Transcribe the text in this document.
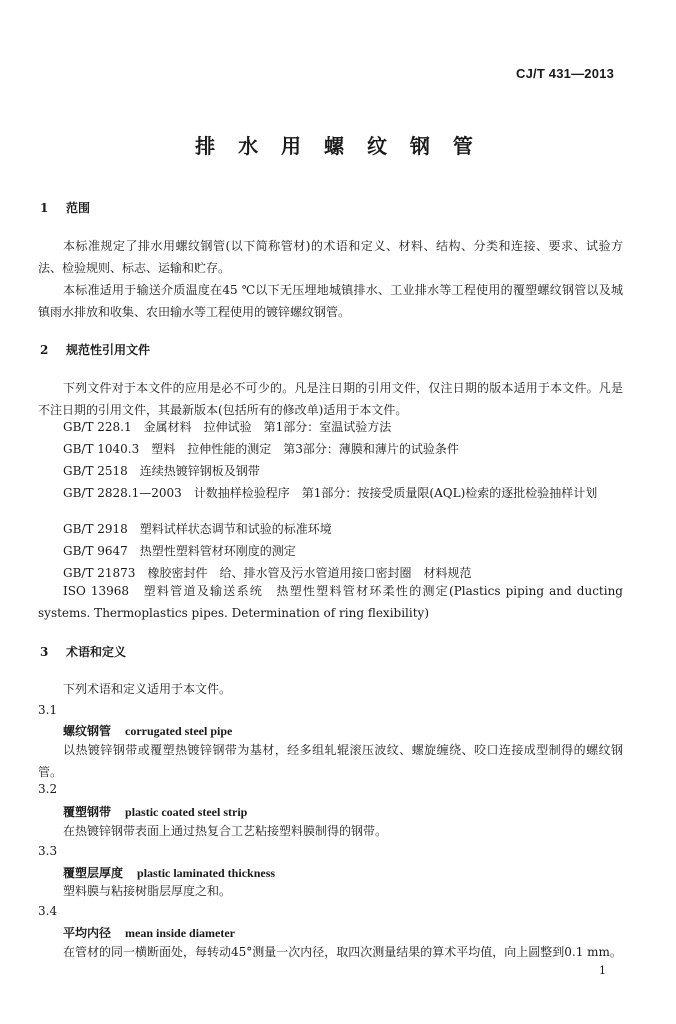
CJ/T 431—2013
排 水 用 螺 纹 钢 管
1 范围

本标准规定了排水用螺纹钢管(以下简称管材)的术语和定义、材料、结构、分类和连接、要求、试验方法、检验规则、标志、运输和贮存。

本标准适用于输送介质温度在45 ℃以下无压埋地城镇排水、工业排水等工程使用的覆塑螺纹钢管以及城镇雨水排放和收集、农田输水等工程使用的镀锌螺纹钢管。

2 规范性引用文件

下列文件对于本文件的应用是必不可少的。凡是注日期的引用文件，仅注日期的版本适用于本文件。凡是不注日期的引用文件，其最新版本(包括所有的修改单)适用于本文件。

GB/T 228.1　金属材料　拉伸试验　第1部分：室温试验方法

GB/T 1040.3　塑料　拉伸性能的测定　第3部分：薄膜和薄片的试验条件

GB/T 2518　连续热镀锌钢板及钢带

GB/T 2828.1—2003　计数抽样检验程序　第1部分：按接受质量限(AQL)检索的逐批检验抽样计划

GB/T 2918　塑料试样状态调节和试验的标准环境

GB/T 9647　热塑性塑料管材环刚度的测定

GB/T 21873　橡胶密封件　给、排水管及污水管道用接口密封圈　材料规范

ISO 13968　塑料管道及输送系统　热塑性塑料管材环柔性的测定(Plastics piping and ducting systems. Thermoplastics pipes. Determination of ring flexibility)

3 术语和定义

下列术语和定义适用于本文件。

3.1
螺纹钢管 corrugated steel pipe

以热镀锌钢带或覆塑热镀锌钢带为基材，经多组轧辊滚压波纹、螺旋缠绕、咬口连接成型制得的螺纹钢管。

3.2
覆塑钢带 plastic coated steel strip

在热镀锌钢带表面上通过热复合工艺粘接塑料膜制得的钢带。

3.3
覆塑层厚度 plastic laminated thickness

塑料膜与粘接树脂层厚度之和。

3.4
平均内径 mean inside diameter

在管材的同一横断面处，每转动45°测量一次内径，取四次测量结果的算术平均值，向上圆整到0.1 mm。

1
